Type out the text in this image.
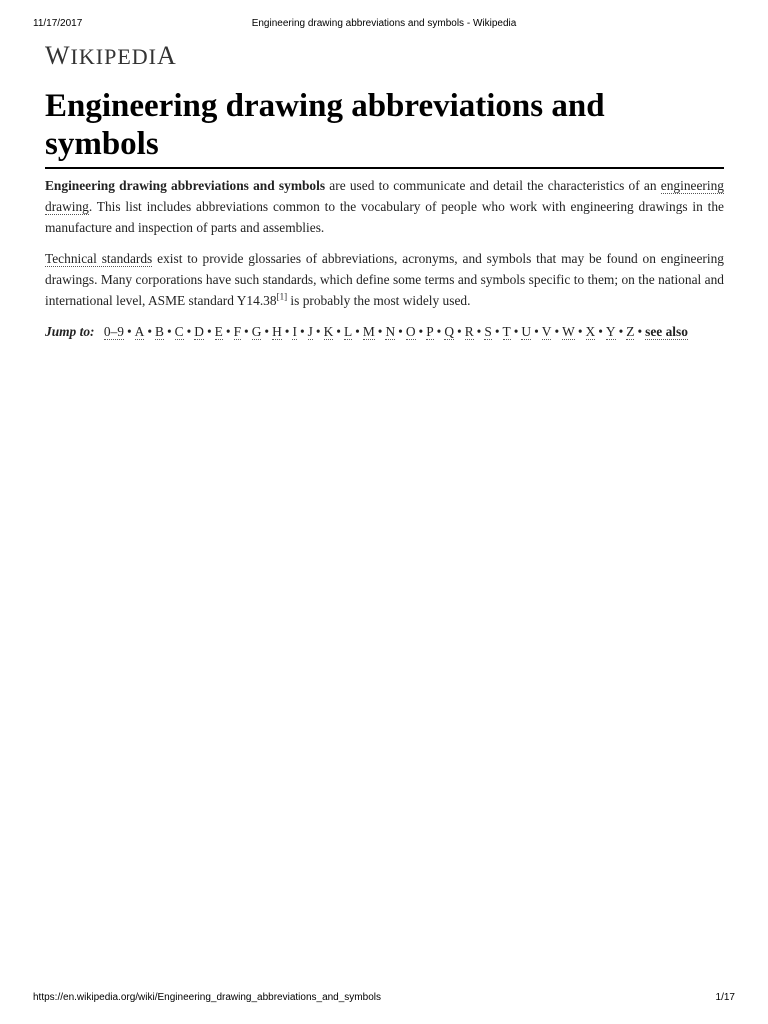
11/17/2017	Engineering drawing abbreviations and symbols - Wikipedia
WIKIPEDIA
Engineering drawing abbreviations and symbols

Engineering drawing abbreviations and symbols are used to communicate and detail the characteristics of an engineering drawing. This list includes abbreviations common to the vocabulary of people who work with engineering drawings in the manufacture and inspection of parts and assemblies.

Technical standards exist to provide glossaries of abbreviations, acronyms, and symbols that may be found on engineering drawings. Many corporations have such standards, which define some terms and symbols specific to them; on the national and international level, ASME standard Y14.38[1] is probably the most widely used.

Jump to: 0–9 • A • B • C • D • E • F • G • H • I • J • K • L • M • N • O • P • Q • R • S • T • U • V • W • X • Y • Z • see also
https://en.wikipedia.org/wiki/Engineering_drawing_abbreviations_and_symbols	1/17
